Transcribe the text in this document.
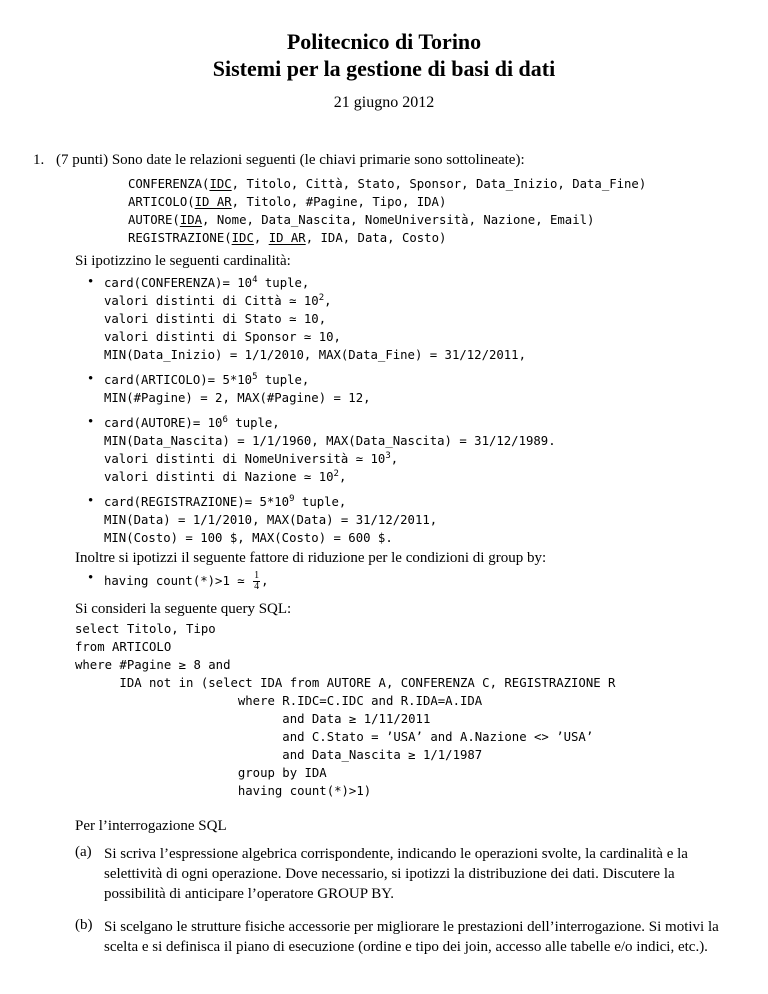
Politecnico di Torino
Sistemi per la gestione di basi di dati
21 giugno 2012
1. (7 punti) Sono date le relazioni seguenti (le chiavi primarie sono sottolineate):
CONFERENZA(IDC, Titolo, Città, Stato, Sponsor, Data_Inizio, Data_Fine)
ARTICOLO(ID_AR, Titolo, #Pagine, Tipo, IDA)
AUTORE(IDA, Nome, Data_Nascita, NomeUniversità, Nazione, Email)
REGISTRAZIONE(IDC, ID_AR, IDA, Data, Costo)
Si ipotizzino le seguenti cardinalità:
• card(CONFERENZA)= $10^4$ tuple,
valori distinti di Città ≃ $10^2$,
valori distinti di Stato ≃ 10,
valori distinti di Sponsor ≃ 10,
MIN(Data_Inizio) = 1/1/2010, MAX(Data_Fine) = 31/12/2011,
• card(ARTICOLO)= $5*10^5$ tuple,
MIN(#Pagine) = 2, MAX(#Pagine) = 12,
• card(AUTORE)= $10^6$ tuple,
MIN(Data_Nascita) = 1/1/1960, MAX(Data_Nascita) = 31/12/1989.
valori distinti di NomeUniversità ≃ $10^3$,
valori distinti di Nazione ≃ $10^2$,
• card(REGISTRAZIONE)= $5*10^9$ tuple,
MIN(Data) = 1/1/2010, MAX(Data) = 31/12/2011,
MIN(Costo) = 100 $, MAX(Costo) = 600 $.
Inoltre si ipotizzi il seguente fattore di riduzione per le condizioni di group by:
• having count(*)>1 ≃ $\frac{1}{4}$ ,
Si consideri la seguente query SQL:
select Titolo, Tipo
from ARTICOLO
where #Pagine ≥ 8 and
IDA not in (select IDA from AUTORE A, CONFERENZA C, REGISTRAZIONE R
where R.IDC=C.IDC and R.IDA=A.IDA
and Data ≥ 1/11/2011
and C.Stato = ’USA’ and A.Nazione <> ’USA’
and Data_Nascita ≥ 1/1/1987
group by IDA
having count(*)>1)
Per l’interrogazione SQL
(a) Si scriva l’espressione algebrica corrispondente, indicando le operazioni svolte, la cardinalità e la selettività di ogni operazione. Dove necessario, si ipotizzi la distribuzione dei dati. Discutere la possibilità di anticipare l’operatore GROUP BY.
(b) Si scelgano le strutture fisiche accessorie per migliorare le prestazioni dell’interrogazione. Si motivi la scelta e si definisca il piano di esecuzione (ordine e tipo dei join, accesso alle tabelle e/o indici, etc.).
